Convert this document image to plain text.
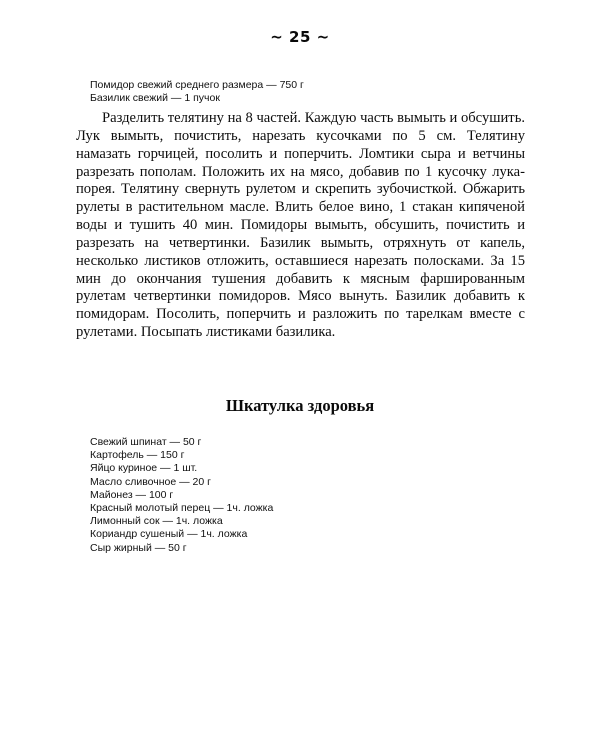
~ 25 ~
Помидор свежий среднего размера — 750 г
Базилик свежий — 1 пучок
Разделить телятину на 8 частей. Каждую часть вымыть и обсушить. Лук вымыть, почистить, нарезать кусочками по 5 см. Телятину намазать горчицей, посолить и поперчить. Ломтики сыра и ветчины разрезать пополам. Положить их на мясо, добавив по 1 кусочку лука-порея. Телятину свернуть рулетом и скрепить зубочисткой. Обжарить рулеты в растительном масле. Влить белое вино, 1 стакан кипяченой воды и тушить 40 мин. Помидоры вымыть, обсушить, почистить и разрезать на четвертинки. Базилик вымыть, отряхнуть от капель, несколько листиков отложить, оставшиеся нарезать полосками. За 15 мин до окончания тушения добавить к мясным фаршированным рулетам четвертинки помидоров. Мясо вынуть. Базилик добавить к помидорам. Посолить, поперчить и разложить по тарелкам вместе с рулетами. Посыпать листиками базилика.
Шкатулка здоровья
Свежий шпинат — 50 г
Картофель — 150 г
Яйцо куриное — 1 шт.
Масло сливочное — 20 г
Майонез — 100 г
Красный молотый перец — 1ч. ложка
Лимонный сок — 1ч. ложка
Кориандр сушеный — 1ч. ложка
Сыр жирный — 50 г
